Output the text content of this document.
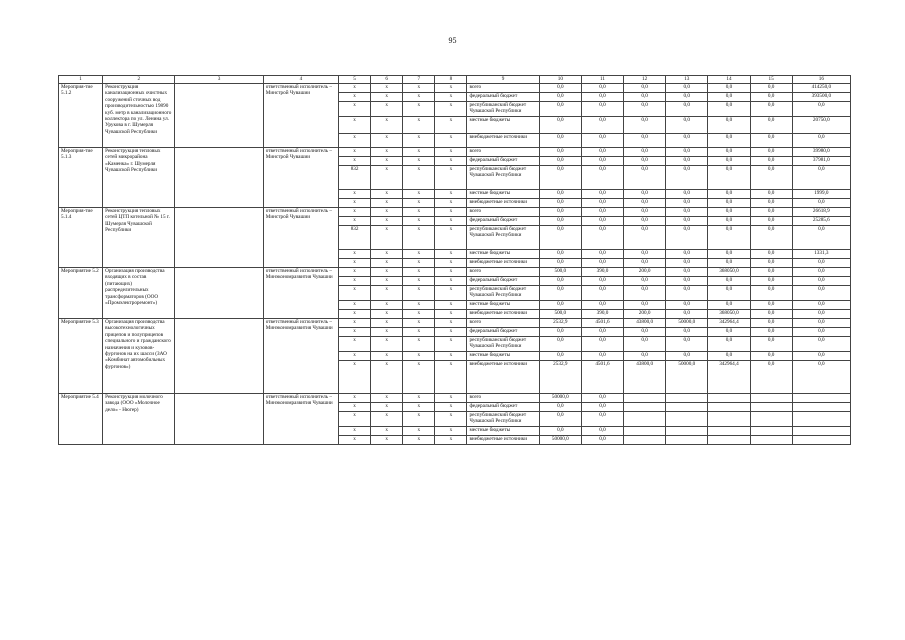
95
1	2	3	4	5	6	7	8	9	10	11	12	13	14	15	16
Мероприя-тие 5.1.2	Реконструкция канализационных очистных сооружений сточных вод производительностью 19890 куб. метр в канализационного коллектора по ул. Ленина ул. Урукова в г. Шумерля Чувашской Республики		ответственный исполнитель – Минстрой Чувашии	x	x	x	x	всего	0,0	0,0	0,0	0,0	0,0	0,0	414250,0
				x	x	x	x	федеральный бюджет	0,0	0,0	0,0	0,0	0,0	0,0	393500,0
				x	x	x	x	республиканский бюджет Чувашской Республики	0,0	0,0	0,0	0,0	0,0	0,0	0,0
				x	x	x	x	местные бюджеты	0,0	0,0	0,0	0,0	0,0	0,0	20750,0
				x	x	x	x	внебюджетные источники	0,0	0,0	0,0	0,0	0,0	0,0	0,0
Мероприя-тие 5.1.3	Реконструкция тепловых сетей микрорайона «Каменка» г. Шумерля Чувашской Республики		ответственный исполнитель – Минстрой Чувашии	x	x	x	x	всего	0,0	0,0	0,0	0,0	0,0	0,0	39980,0
				x	x	x	x	федеральный бюджет	0,0	0,0	0,0	0,0	0,0	0,0	37981,0
				832	x	x	x	республиканский бюджет Чувашской Республики	0,0	0,0	0,0	0,0	0,0	0,0	0,0
				x	x	x	x	местные бюджеты	0,0	0,0	0,0	0,0	0,0	0,0	1999,0
				x	x	x	x	внебюджетные источники	0,0	0,0	0,0	0,0	0,0	0,0	0,0
Мероприя-тие 5.1.4	Реконструкция тепловых сетей ЦТП котельной № 15 г. Шумерля Чувашской Республики		ответственный исполнитель – Минстрой Чувашии	x	x	x	x	всего	0,0	0,0	0,0	0,0	0,0	0,0	26618,9
				x	x	x	x	федеральный бюджет	0,0	0,0	0,0	0,0	0,0	0,0	25285,6
				832	x	x	x	республиканский бюджет Чувашской Республики	0,0	0,0	0,0	0,0	0,0	0,0	0,0
				x	x	x	x	местные бюджеты	0,0	0,0	0,0	0,0	0,0	0,0	1331,3
				x	x	x	x	внебюджетные источники	0,0	0,0	0,0	0,0	0,0	0,0	0,0
Мероприятие 5.2	Организация производства входящих в состав (питающих) распределительных трансформаторов (ООО «Промэлектроремонт»)		ответственный исполнитель – Минэкономразвития Чувашии	x	x	x	x	всего	500,0	390,0	200,0	0,0	368050,0	0,0	0,0
				x	x	x	x	федеральный бюджет	0,0	0,0	0,0	0,0	0,0	0,0	0,0
				x	x	x	x	республиканский бюджет Чувашской Республики	0,0	0,0	0,0	0,0	0,0	0,0	0,0
				x	x	x	x	местные бюджеты	0,0	0,0	0,0	0,0	0,0	0,0	0,0
				x	x	x	x	внебюджетные источники	500,0	390,0	200,0	0,0	368050,0	0,0	0,0
Мероприятие 5.3	Организация производства высокотехнологичных прицепов и полуприцепов специального и гражданского назначения и кузовов-фургонов на их шасси (ЗАО «Комбинат автомобильных фургонов»)		ответственный исполнитель – Минэкономразвития Чувашии	x	x	x	x	всего	2532,9	4501,6	43800,0	50000,0	342964,4	0,0	0,0
				x	x	x	x	федеральный бюджет	0,0	0,0	0,0	0,0	0,0	0,0	0,0
				x	x	x	x	республиканский бюджет Чувашской Республики	0,0	0,0	0,0	0,0	0,0	0,0	0,0
				x	x	x	x	местные бюджеты	0,0	0,0	0,0	0,0	0,0	0,0	0,0
				x	x	x	x	внебюджетные источники	2532,9	4501,6	43800,0	50000,0	342964,4	0,0	0,0
Мероприятие 5.4	Реконструкция молочного завода (ООО «Молочное дело» - Нюгер)		ответственный исполнитель – Минэкономразвития Чувашии	x	x	x	x	всего	50000,0	0,0					
				x	x	x	x	федеральный бюджет	0,0	0,0					
				x	x	x	x	республиканский бюджет Чувашской Республики	0,0	0,0					
				x	x	x	x	местные бюджеты	0,0	0,0					
				x	x	x	x	внебюджетные источники	50000,0	0,0					
